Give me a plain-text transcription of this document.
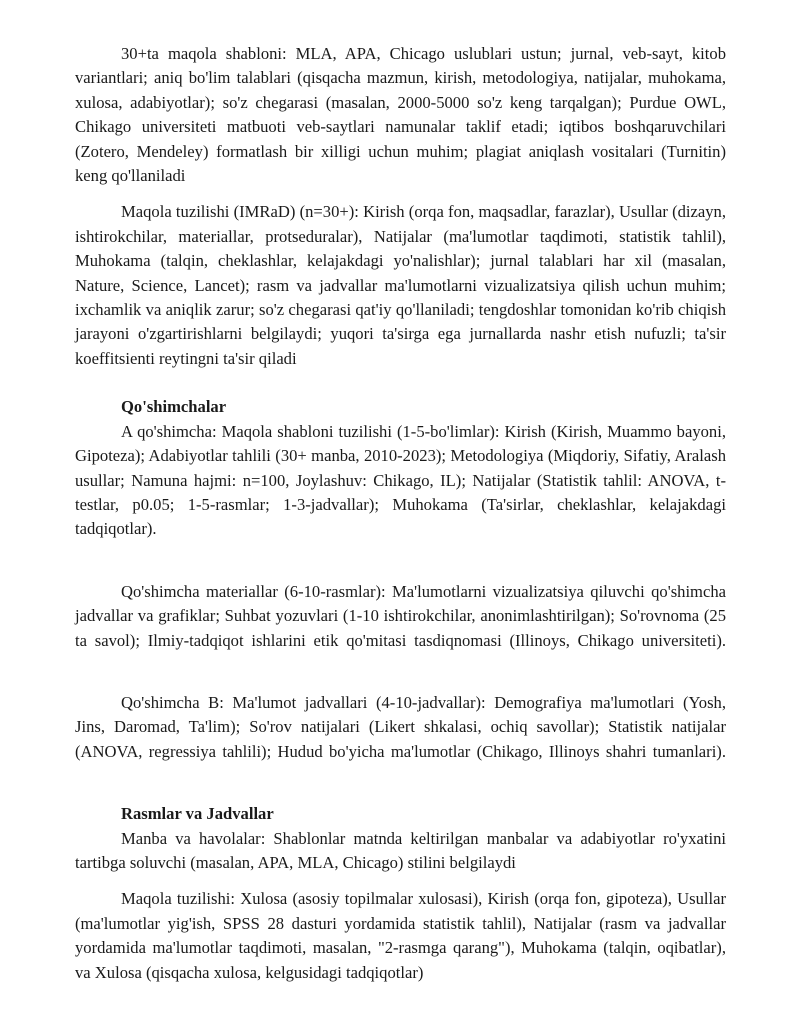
30+ta maqola shabloni: MLA, APA, Chicago uslublari ustun; jurnal, veb-sayt, kitob variantlari; aniq bo'lim talablari (qisqacha mazmun, kirish, metodologiya, natijalar, muhokama, xulosa, adabiyotlar); so'z chegarasi (masalan, 2000-5000 so'z keng tarqalgan); Purdue OWL, Chikago universiteti matbuoti veb-saytlari namunalar taklif etadi; iqtibos boshqaruvchilari (Zotero, Mendeley) formatlash bir xilligi uchun muhim; plagiat aniqlash vositalari (Turnitin) keng qo'llaniladi

Maqola tuzilishi (IMRaD) (n=30+): Kirish (orqa fon, maqsadlar, farazlar), Usullar (dizayn, ishtirokchilar, materiallar, protseduralar), Natijalar (ma'lumotlar taqdimoti, statistik tahlil), Muhokama (talqin, cheklashlar, kelajakdagi yo'nalishlar); jurnal talablari har xil (masalan, Nature, Science, Lancet); rasm va jadvallar ma'lumotlarni vizualizatsiya qilish uchun muhim; ixchamlik va aniqlik zarur; so'z chegarasi qat'iy qo'llaniladi; tengdoshlar tomonidan ko'rib chiqish jarayoni o'zgartirishlarni belgilaydi; yuqori ta'sirga ega jurnallarda nashr etish nufuzli; ta'sir koeffitsienti reytingni ta'sir qiladi

Qo'shimchalar

A qo'shimcha: Maqola shabloni tuzilishi (1-5-bo'limlar): Kirish (Kirish, Muammo bayoni, Gipoteza); Adabiyotlar tahlili (30+ manba, 2010-2023); Metodologiya (Miqdoriy, Sifatiy, Aralash usullar; Namuna hajmi: n=100, Joylashuv: Chikago, IL); Natijalar (Statistik tahlil: ANOVA, t-testlar, p0.05; 1-5-rasmlar; 1-3-jadvallar); Muhokama (Ta'sirlar, cheklashlar, kelajakdagi tadqiqotlar).

Qo'shimcha materiallar (6-10-rasmlar): Ma'lumotlarni vizualizatsiya qiluvchi qo'shimcha jadvallar va grafiklar; Suhbat yozuvlari (1-10 ishtirokchilar, anonimlashtirilgan); So'rovnoma (25 ta savol); Ilmiy-tadqiqot ishlarini etik qo'mitasi tasdiqnomasi (Illinoys, Chikago universiteti).

Qo'shimcha B: Ma'lumot jadvallari (4-10-jadvallar): Demografiya ma'lumotlari (Yosh, Jins, Daromad, Ta'lim); So'rov natijalari (Likert shkalasi, ochiq savollar); Statistik natijalar (ANOVA, regressiya tahlili); Hudud bo'yicha ma'lumotlar (Chikago, Illinoys shahri tumanlari).

Rasmlar va Jadvallar

Manba va havolalar: Shablonlar matnda keltirilgan manbalar va adabiyotlar ro'yxatini tartibga soluvchi (masalan, APA, MLA, Chicago) stilini belgilaydi

Maqola tuzilishi: Xulosa (asosiy topilmalar xulosasi), Kirish (orqa fon, gipoteza), Usullar (ma'lumotlar yig'ish, SPSS 28 dasturi yordamida statistik tahlil), Natijalar (rasm va jadvallar yordamida ma'lumotlar taqdimoti, masalan, "2-rasmga qarang"), Muhokama (talqin, oqibatlar), va Xulosa (qisqacha xulosa, kelgusidagi tadqiqotlar)
